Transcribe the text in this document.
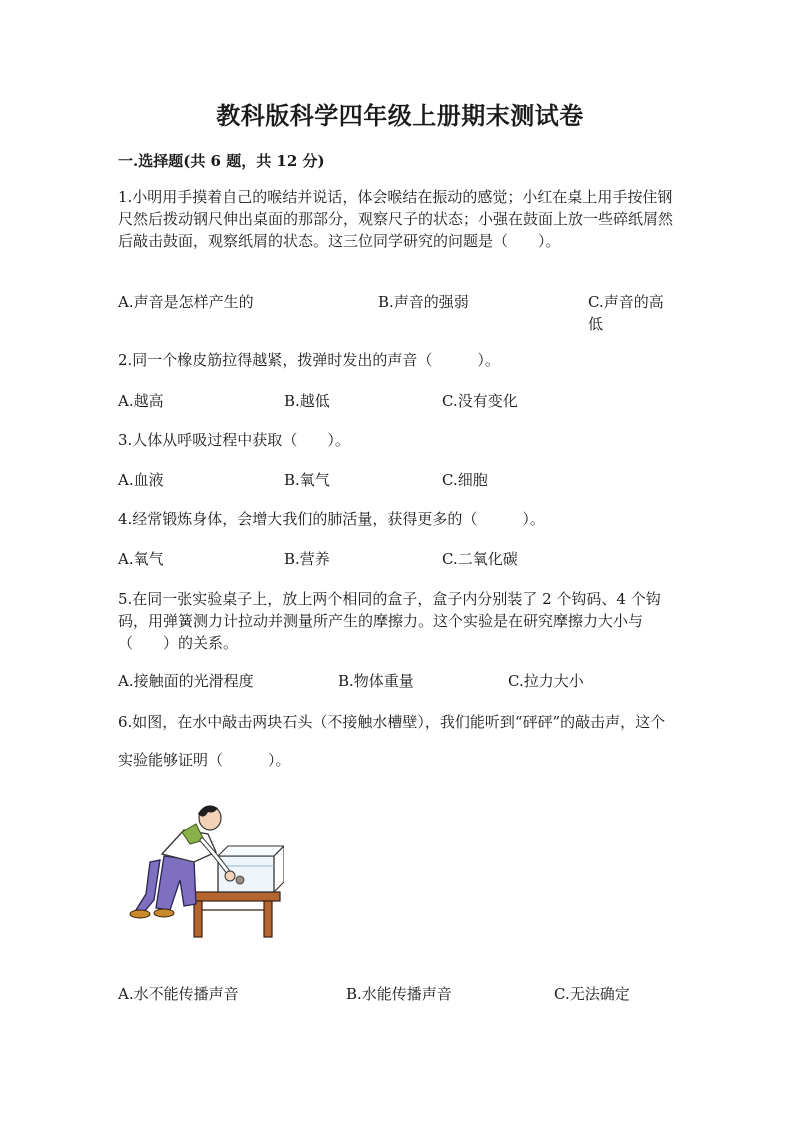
教科版科学四年级上册期末测试卷
一.选择题(共 6 题，共 12 分)

1.小明用手摸着自己的喉结并说话，体会喉结在振动的感觉；小红在桌上用手按住钢尺然后拨动钢尺伸出桌面的那部分，观察尺子的状态；小强在鼓面上放一些碎纸屑然后敲击鼓面，观察纸屑的状态。这三位同学研究的问题是（　　）。

A.声音是怎样产生的	B.声音的强弱	C.声音的高低

2.同一个橡皮筋拉得越紧，拨弹时发出的声音（　　　）。

A.越高	B.越低	C.没有变化

3.人体从呼吸过程中获取（　　）。

A.血液	B.氧气	C.细胞

4.经常锻炼身体，会增大我们的肺活量，获得更多的（　　　）。

A.氧气	B.营养	C.二氧化碳

5.在同一张实验桌子上，放上两个相同的盒子，盒子内分别装了 2 个钩码、4 个钩码，用弹簧测力计拉动并测量所产生的摩擦力。这个实验是在研究摩擦力大小与（　　）的关系。

A.接触面的光滑程度	B.物体重量	C.拉力大小

6.如图，在水中敲击两块石头（不接触水槽壁），我们能听到“砰砰”的敲击声，这个实验能够证明（　　　）。

A.水不能传播声音	B.水能传播声音	C.无法确定
